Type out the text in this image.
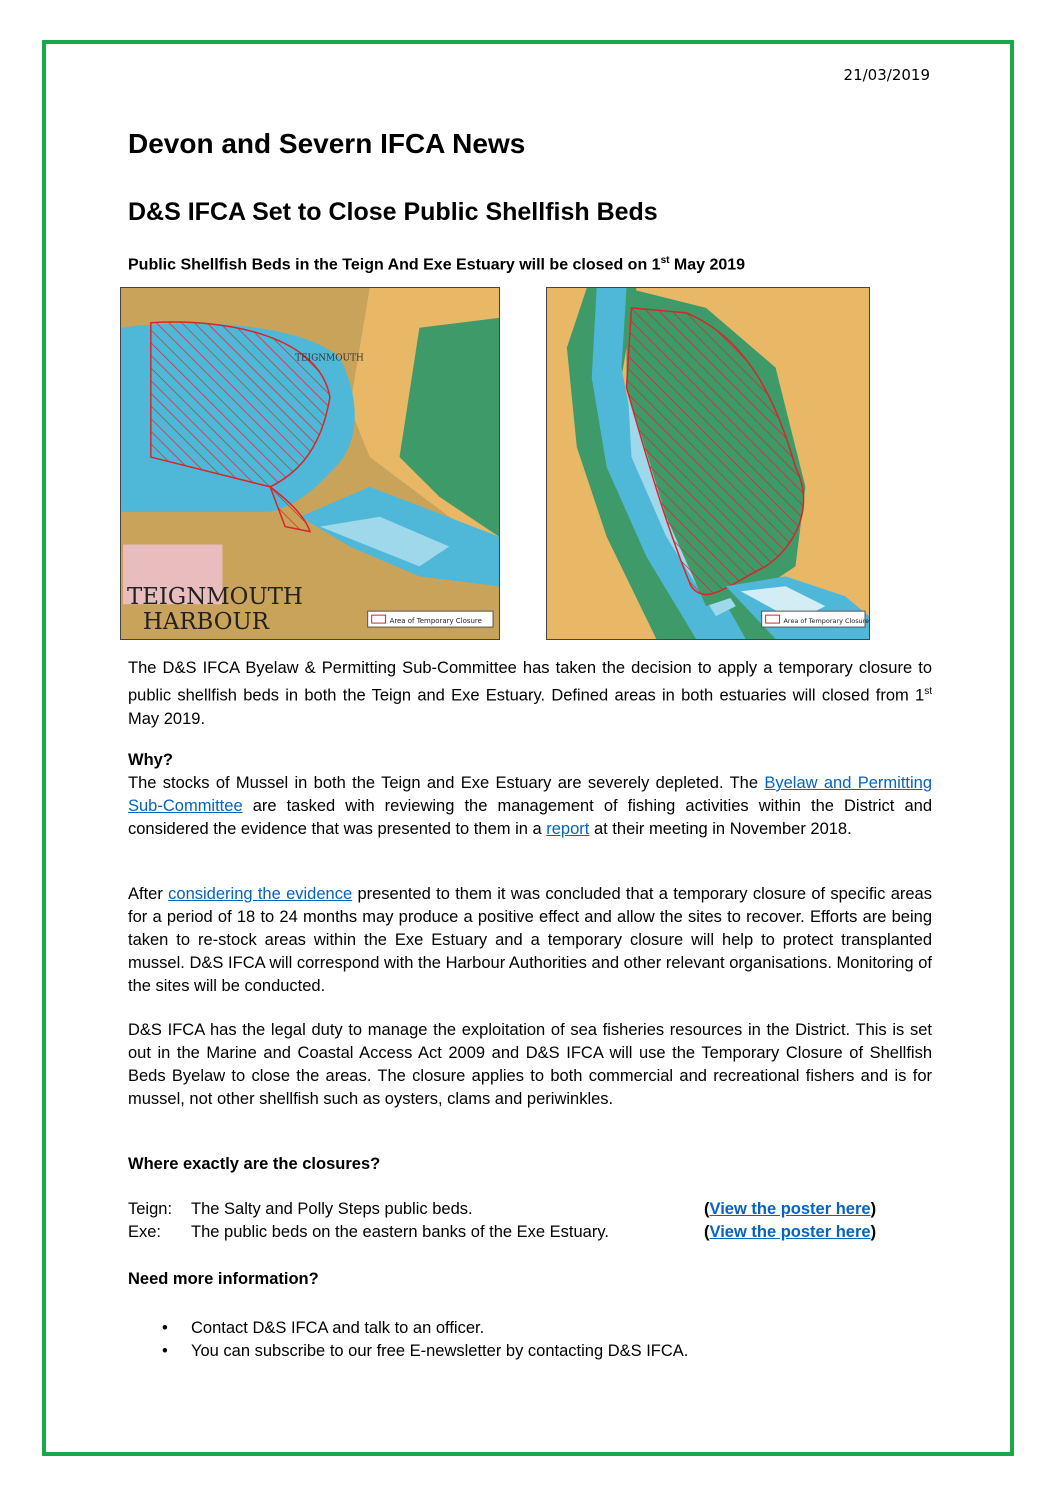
21/03/2019
Devon and Severn IFCA News
D&S IFCA Set to Close Public Shellfish Beds

Public Shellfish Beds in the Teign And Exe Estuary will be closed on 1st May 2019

TEIGNMOUTH
Area of Temporary Closure
TEIGNMOUTH
HARBOUR	Area of Temporary Closure

The D&S IFCA Byelaw & Permitting Sub-Committee has taken the decision to apply a temporary closure to public shellfish beds in both the Teign and Exe Estuary. Defined areas in both estuaries will closed from 1st May 2019.

Why?
The stocks of Mussel in both the Teign and Exe Estuary are severely depleted. The Byelaw and Permitting Sub-Committee are tasked with reviewing the management of fishing activities within the District and considered the evidence that was presented to them in a report at their meeting in November 2018.

After considering the evidence presented to them it was concluded that a temporary closure of specific areas for a period of 18 to 24 months may produce a positive effect and allow the sites to recover. Efforts are being taken to re-stock areas within the Exe Estuary and a temporary closure will help to protect transplanted mussel. D&S IFCA will correspond with the Harbour Authorities and other relevant organisations. Monitoring of the sites will be conducted.

D&S IFCA has the legal duty to manage the exploitation of sea fisheries resources in the District. This is set out in the Marine and Coastal Access Act 2009 and D&S IFCA will use the Temporary Closure of Shellfish Beds Byelaw to close the areas. The closure applies to both commercial and recreational fishers and is for mussel, not other shellfish such as oysters, clams and periwinkles.

Where exactly are the closures?

Teign: The Salty and Polly Steps public beds.	(View the poster here)
Exe: The public beds on the eastern banks of the Exe Estuary.	(View the poster here)

Need more information?

• Contact D&S IFCA and talk to an officer.
• You can subscribe to our free E-newsletter by contacting D&S IFCA.
